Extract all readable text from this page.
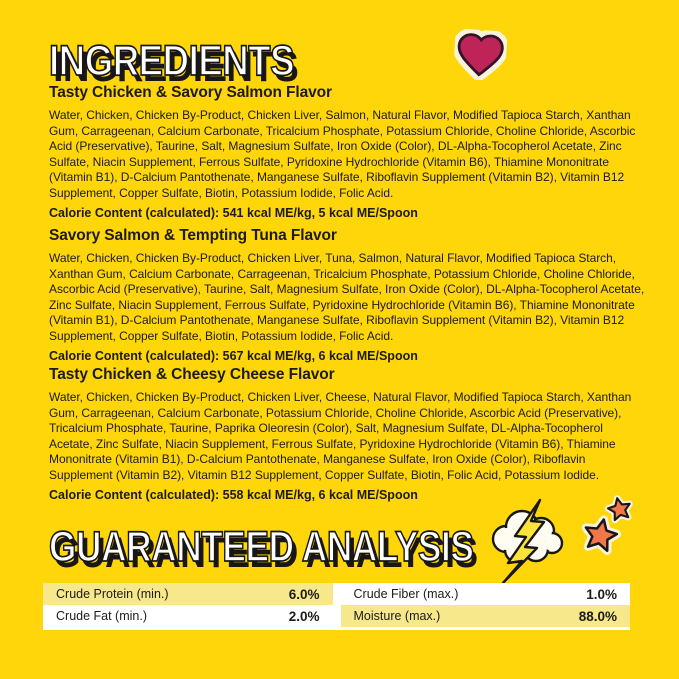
INGREDIENTS
Tasty Chicken & Savory Salmon Flavor

Water, Chicken, Chicken By-Product, Chicken Liver, Salmon, Natural Flavor, Modified Tapioca Starch, Xanthan Gum, Carrageenan, Calcium Carbonate, Tricalcium Phosphate, Potassium Chloride, Choline Chloride, Ascorbic Acid (Preservative), Taurine, Salt, Magnesium Sulfate, Iron Oxide (Color), DL-Alpha-Tocopherol Acetate, Zinc Sulfate, Niacin Supplement, Ferrous Sulfate, Pyridoxine Hydrochloride (Vitamin B6), Thiamine Mononitrate (Vitamin B1), D-Calcium Pantothenate, Manganese Sulfate, Riboflavin Supplement (Vitamin B2), Vitamin B12 Supplement, Copper Sulfate, Biotin, Potassium Iodide, Folic Acid.

Calorie Content (calculated): 541 kcal ME/kg, 5 kcal ME/Spoon

Savory Salmon & Tempting Tuna Flavor

Water, Chicken, Chicken By-Product, Chicken Liver, Tuna, Salmon, Natural Flavor, Modified Tapioca Starch, Xanthan Gum, Calcium Carbonate, Carrageenan, Tricalcium Phosphate, Potassium Chloride, Choline Chloride, Ascorbic Acid (Preservative), Taurine, Salt, Magnesium Sulfate, Iron Oxide (Color), DL-Alpha-Tocopherol Acetate, Zinc Sulfate, Niacin Supplement, Ferrous Sulfate, Pyridoxine Hydrochloride (Vitamin B6), Thiamine Mononitrate (Vitamin B1), D-Calcium Pantothenate, Manganese Sulfate, Riboflavin Supplement (Vitamin B2), Vitamin B12 Supplement, Copper Sulfate, Biotin, Potassium Iodide, Folic Acid.

Calorie Content (calculated): 567 kcal ME/kg, 6 kcal ME/Spoon

Tasty Chicken & Cheesy Cheese Flavor

Water, Chicken, Chicken By-Product, Chicken Liver, Cheese, Natural Flavor, Modified Tapioca Starch, Xanthan Gum, Carrageenan, Calcium Carbonate, Potassium Chloride, Choline Chloride, Ascorbic Acid (Preservative), Tricalcium Phosphate, Taurine, Paprika Oleoresin (Color), Salt, Magnesium Sulfate, DL-Alpha-Tocopherol Acetate, Zinc Sulfate, Niacin Supplement, Ferrous Sulfate, Pyridoxine Hydrochloride (Vitamin B6), Thiamine Mononitrate (Vitamin B1), D-Calcium Pantothenate, Manganese Sulfate, Iron Oxide (Color), Riboflavin Supplement (Vitamin B2), Vitamin B12 Supplement, Copper Sulfate, Biotin, Folic Acid, Potassium Iodide.

Calorie Content (calculated): 558 kcal ME/kg, 6 kcal ME/Spoon

GUARANTEED ANALYSIS
Crude Protein (min.)	6.0%	Crude Fiber (max.)	1.0%
Crude Fat (min.)	2.0%	Moisture (max.)	88.0%
